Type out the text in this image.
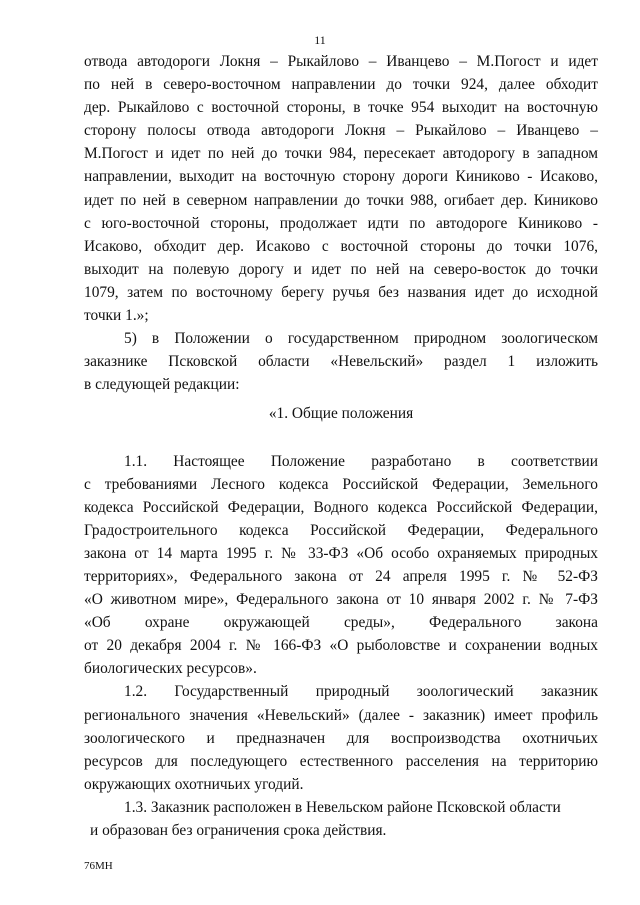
11
отвода автодороги Локня – Рыкайлово – Иванцево – М.Погост и идет
по ней в северо-восточном направлении до точки 924, далее обходит
дер. Рыкайлово с восточной стороны, в точке 954 выходит на восточную
сторону полосы отвода автодороги Локня – Рыкайлово – Иванцево –
М.Погост и идет по ней до точки 984, пересекает автодорогу в западном
направлении, выходит на восточную сторону дороги Киниково - Исаково,
идет по ней в северном направлении до точки 988, огибает дер. Киниково
с юго-восточной стороны, продолжает идти по автодороге Киниково -
Исаково, обходит дер. Исаково с восточной стороны до точки 1076,
выходит на полевую дорогу и идет по ней на северо-восток до точки
1079, затем по восточному берегу ручья без названия идет до исходной
точки 1.»;
5) в Положении о государственном природном зоологическом
заказнике Псковской области «Невельский» раздел 1 изложить
в следующей редакции:
«1. Общие положения
1.1. Настоящее Положение разработано в соответствии
с требованиями Лесного кодекса Российской Федерации, Земельного
кодекса Российской Федерации, Водного кодекса Российской Федерации,
Градостроительного кодекса Российской Федерации, Федерального
закона от 14 марта 1995 г. № 33-ФЗ «Об особо охраняемых природных
территориях», Федерального закона от 24 апреля 1995 г. № 52-ФЗ
«О животном мире», Федерального закона от 10 января 2002 г. № 7-ФЗ
«Об охране окружающей среды», Федерального закона
от 20 декабря 2004 г. № 166-ФЗ «О рыболовстве и сохранении водных
биологических ресурсов».
1.2. Государственный природный зоологический заказник
регионального значения «Невельский» (далее - заказник) имеет профиль
зоологического и предназначен для воспроизводства охотничьих
ресурсов для последующего естественного расселения на территорию
окружающих охотничьих угодий.
1.3. Заказник расположен в Невельском районе Псковской области
и образован без ограничения срока действия.
76МН
